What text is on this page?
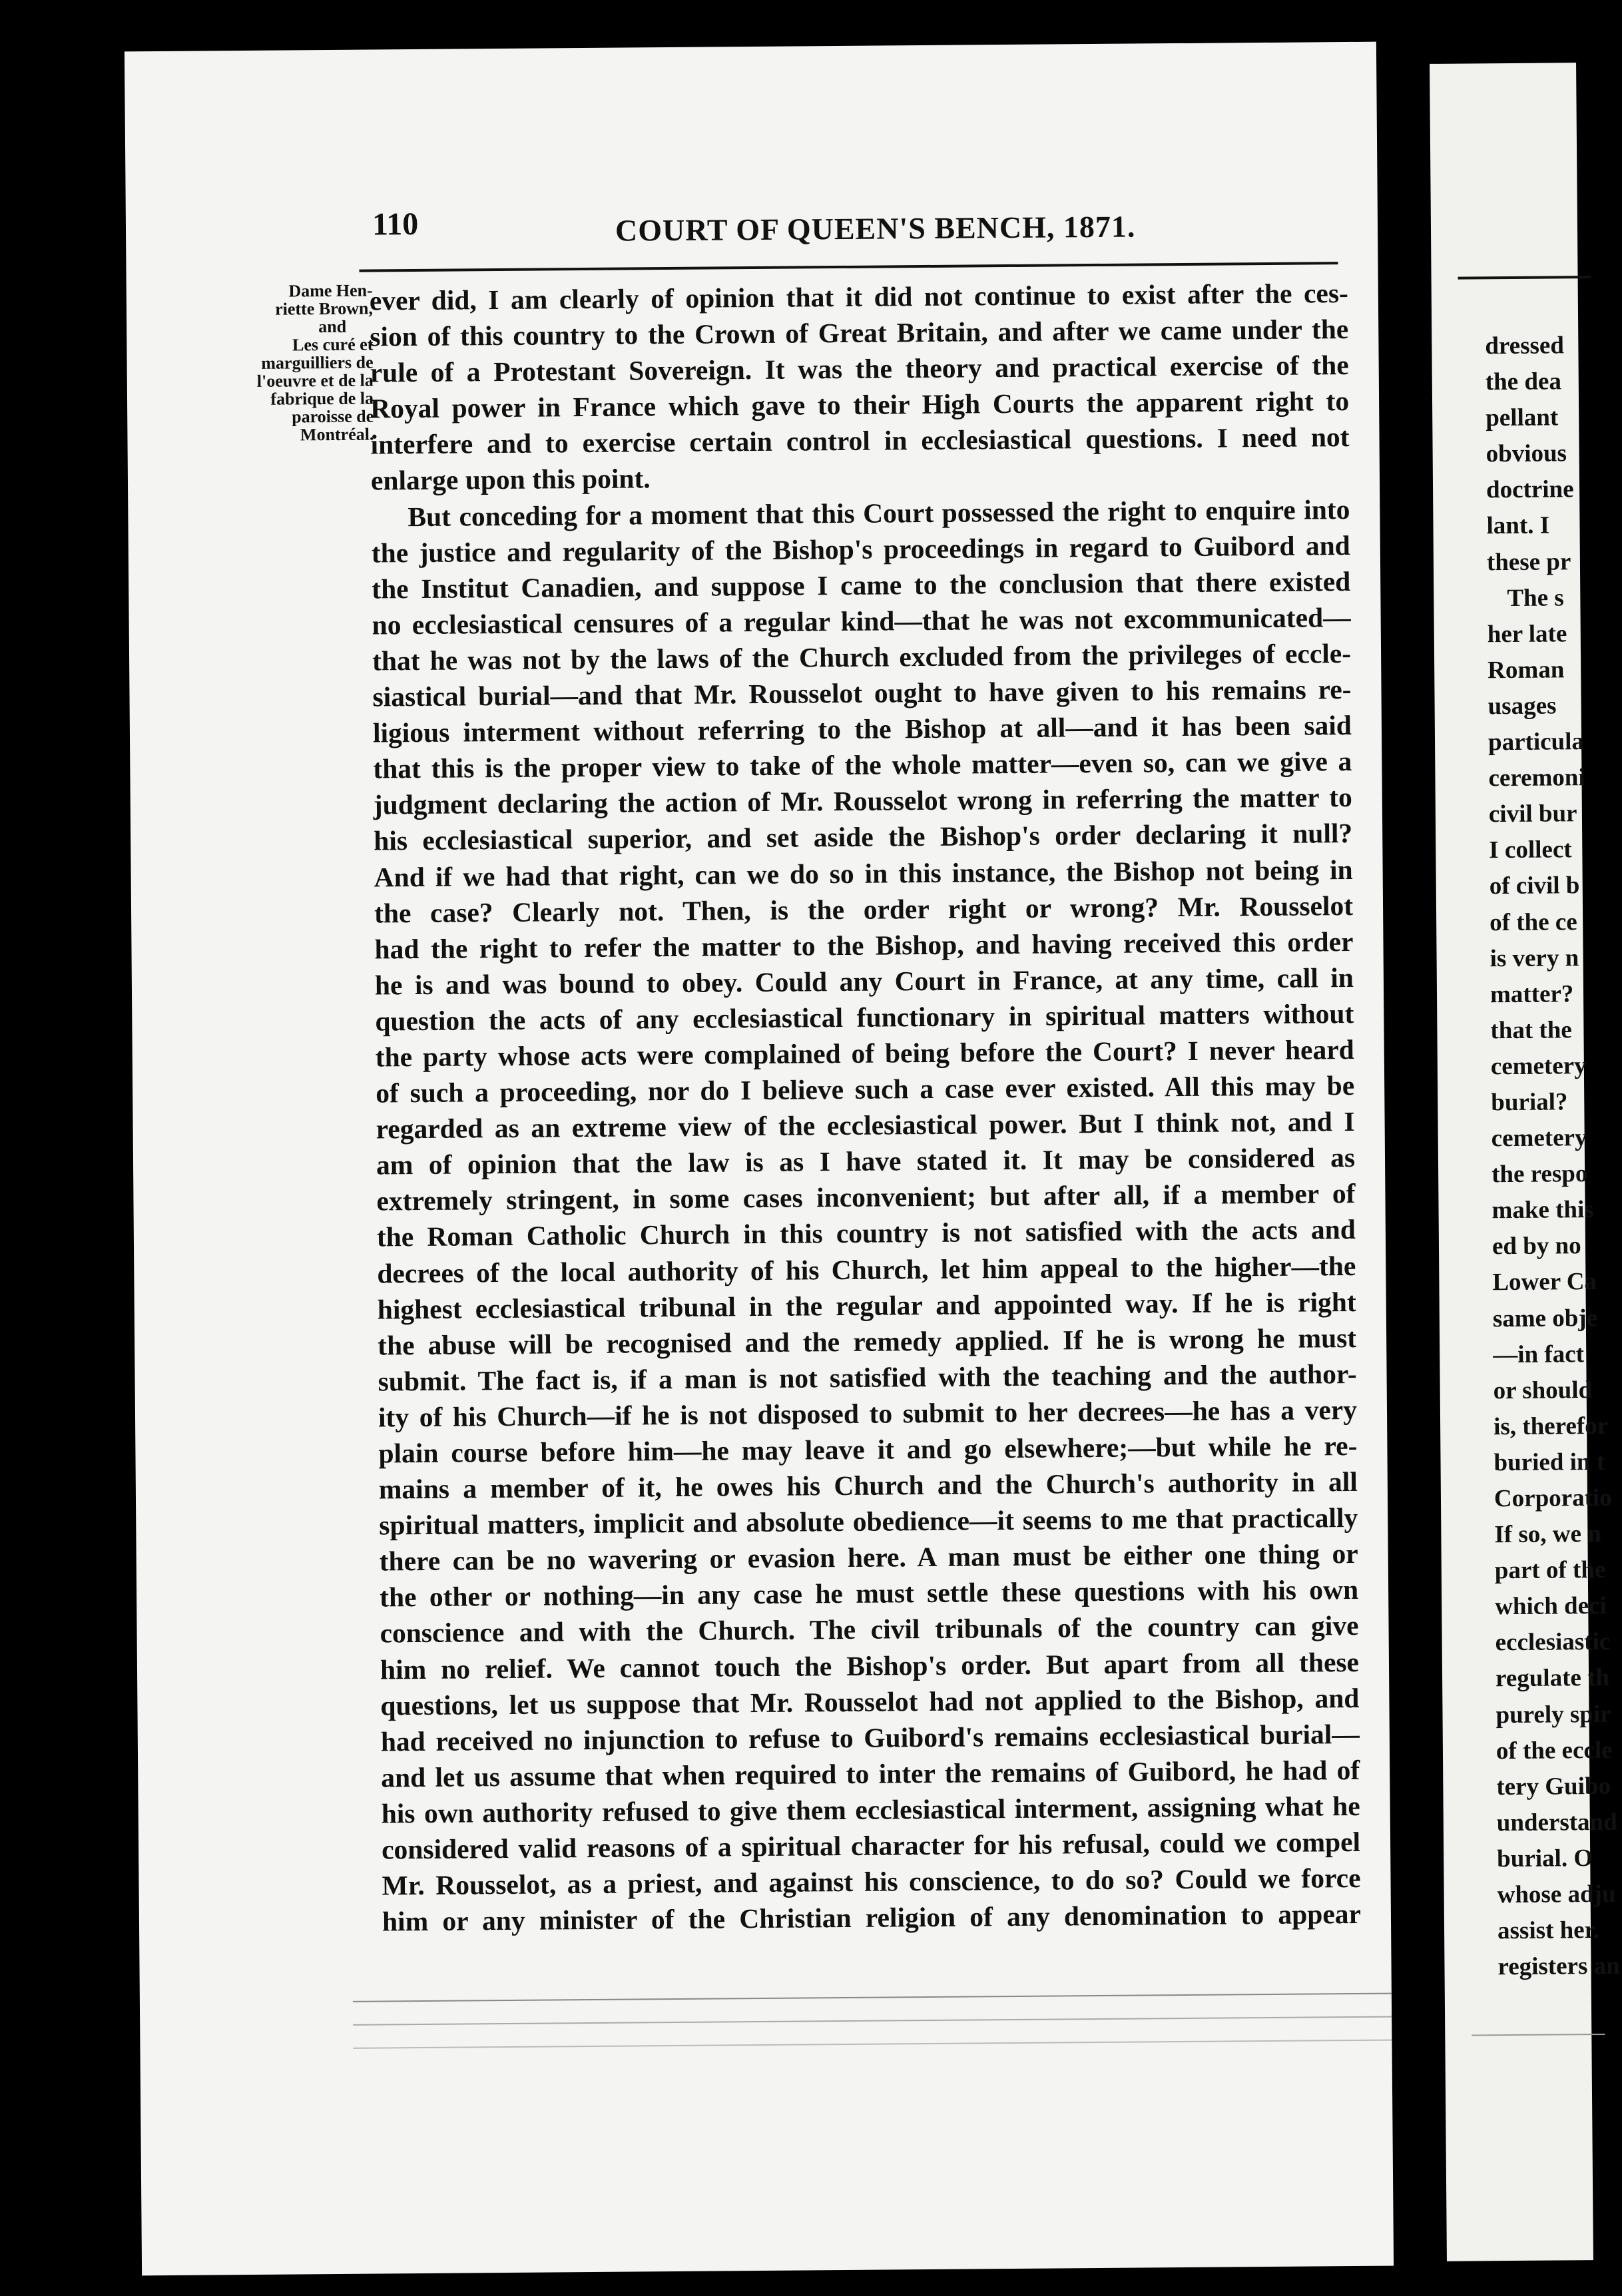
110	COURT OF QUEEN'S BENCH, 1871.
Dame Hen-
riette Brown,
and
Les curé et
marguilliers de
l'oeuvre et de la
fabrique de la
paroisse de
Montréal.
ever did, I am clearly of opinion that it did not continue to exist after the ces-
sion of this country to the Crown of Great Britain, and after we came under the
rule of a Protestant Sovereign. It was the theory and practical exercise of the
Royal power in France which gave to their High Courts the apparent right to
interfere and to exercise certain control in ecclesiastical questions. I need not
enlarge upon this point.
But conceding for a moment that this Court possessed the right to enquire into
the justice and regularity of the Bishop's proceedings in regard to Guibord and
the Institut Canadien, and suppose I came to the conclusion that there existed
no ecclesiastical censures of a regular kind—that he was not excommunicated—
that he was not by the laws of the Church excluded from the privileges of eccle-
siastical burial—and that Mr. Rousselot ought to have given to his remains re-
ligious interment without referring to the Bishop at all—and it has been said
that this is the proper view to take of the whole matter—even so, can we give a
judgment declaring the action of Mr. Rousselot wrong in referring the matter to
his ecclesiastical superior, and set aside the Bishop's order declaring it null?
And if we had that right, can we do so in this instance, the Bishop not being in
the case? Clearly not. Then, is the order right or wrong? Mr. Rousselot
had the right to refer the matter to the Bishop, and having received this order
he is and was bound to obey. Could any Court in France, at any time, call in
question the acts of any ecclesiastical functionary in spiritual matters without
the party whose acts were complained of being before the Court? I never heard
of such a proceeding, nor do I believe such a case ever existed. All this may be
regarded as an extreme view of the ecclesiastical power. But I think not, and I
am of opinion that the law is as I have stated it. It may be considered as
extremely stringent, in some cases inconvenient; but after all, if a member of
the Roman Catholic Church in this country is not satisfied with the acts and
decrees of the local authority of his Church, let him appeal to the higher—the
highest ecclesiastical tribunal in the regular and appointed way. If he is right
the abuse will be recognised and the remedy applied. If he is wrong he must
submit. The fact is, if a man is not satisfied with the teaching and the author-
ity of his Church—if he is not disposed to submit to her decrees—he has a very
plain course before him—he may leave it and go elsewhere;—but while he re-
mains a member of it, he owes his Church and the Church's authority in all
spiritual matters, implicit and absolute obedience—it seems to me that practically
there can be no wavering or evasion here. A man must be either one thing or
the other or nothing—in any case he must settle these questions with his own
conscience and with the Church. The civil tribunals of the country can give
him no relief. We cannot touch the Bishop's order. But apart from all these
questions, let us suppose that Mr. Rousselot had not applied to the Bishop, and
had received no injunction to refuse to Guibord's remains ecclesiastical burial—
and let us assume that when required to inter the remains of Guibord, he had of
his own authority refused to give them ecclesiastical interment, assigning what he
considered valid reasons of a spiritual character for his refusal, could we compel
Mr. Rousselot, as a priest, and against his conscience, to do so? Could we force
him or any minister of the Christian religion of any denomination to appear
dressed
the dea
pellant
obvious
doctrine
lant. I
these pr
The s
her late
Roman
usages
particula
ceremoni
civil bur
I collect
of civil b
of the ce
is very n
matter?
that the
cemetery
burial?
cemetery
the respo
make this
ed by no
Lower Ca
same obje
—in fact
or should
is, therefor
buried in t
Corporatio
If so, we n
part of the
which deci
ecclesiastic
regulate th
purely spir
of the eccle
tery Guibo
understand
burial. O
whose adju
assist her.
registers an
